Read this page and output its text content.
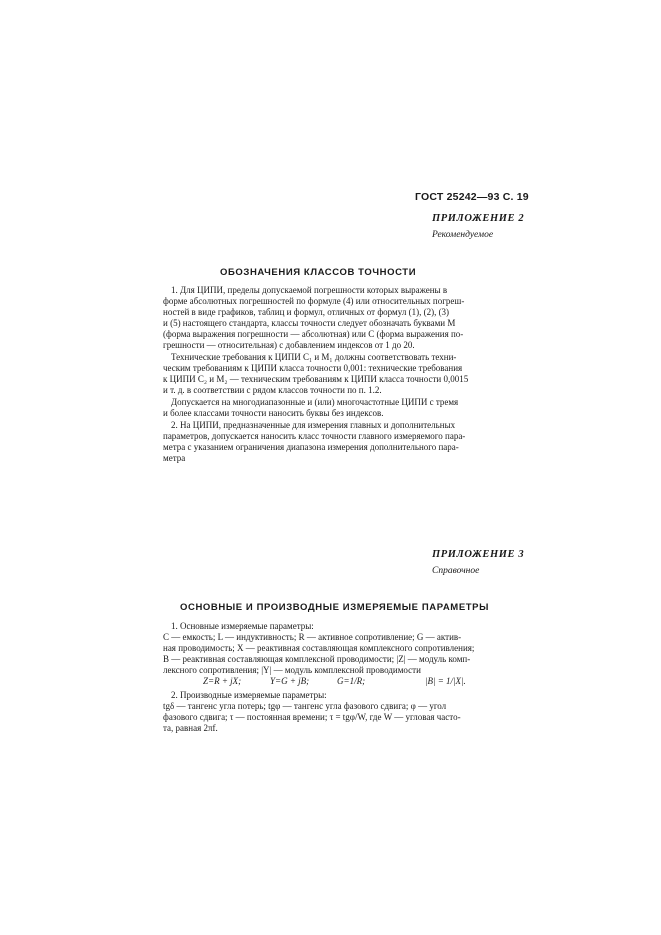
ГОСТ 25242—93 С. 19
ПРИЛОЖЕНИЕ 2
Рекомендуемое
ОБОЗНАЧЕНИЯ КЛАССОВ ТОЧНОСТИ
1. Для ЦИПИ, пределы допускаемой погрешности которых выражены в
форме абсолютных погрешностей по формуле (4) или относительных погреш-
ностей в виде графиков, таблиц и формул, отличных от формул (1), (2), (3)
и (5) настоящего стандарта, классы точности следует обозначать буквами M
(форма выражения погрешности — абсолютная) или C (форма выражения по-
грешности — относительная) с добавлением индексов от 1 до 20.
Технические требования к ЦИПИ C₁ и M₁ должны соответствовать техни-
ческим требованиям к ЦИПИ класса точности 0,001: технические требования
к ЦИПИ C₂ и M₂ — техническим требованиям к ЦИПИ класса точности 0,0015
и т. д. в соответствии с рядом классов точности по п. 1.2.
Допускается на многодиапазонные и (или) многочастотные ЦИПИ с тремя
и более классами точности наносить буквы без индексов.
2. На ЦИПИ, предназначенные для измерения главных и дополнительных
параметров, допускается наносить класс точности главного измеряемого пара-
метра с указанием ограничения диапазона измерения дополнительного пара-
метра
ПРИЛОЖЕНИЕ 3
Справочное
ОСНОВНЫЕ И ПРОИЗВОДНЫЕ ИЗМЕРЯЕМЫЕ ПАРАМЕТРЫ
1. Основные измеряемые параметры:
C — емкость; L — индуктивность; R — активное сопротивление; G — актив-
ная проводимость; X — реактивная составляющая комплексного сопротивления;
B — реактивная составляющая комплексной проводимости; |Z| — модуль комп-
лексного сопротивления; |Y| — модуль комплексной проводимости
Z=R + jX;	Y=G + jB;	G=1/R;	|B| = 1/|X|.
2. Производные измеряемые параметры:
tgδ — тангенс угла потерь; tgφ — тангенс угла фазового сдвига; φ — угол
фазового сдвига; τ — постоянная времени; τ = tgφ/W, где W — угловая часто-
та, равная 2πf.
